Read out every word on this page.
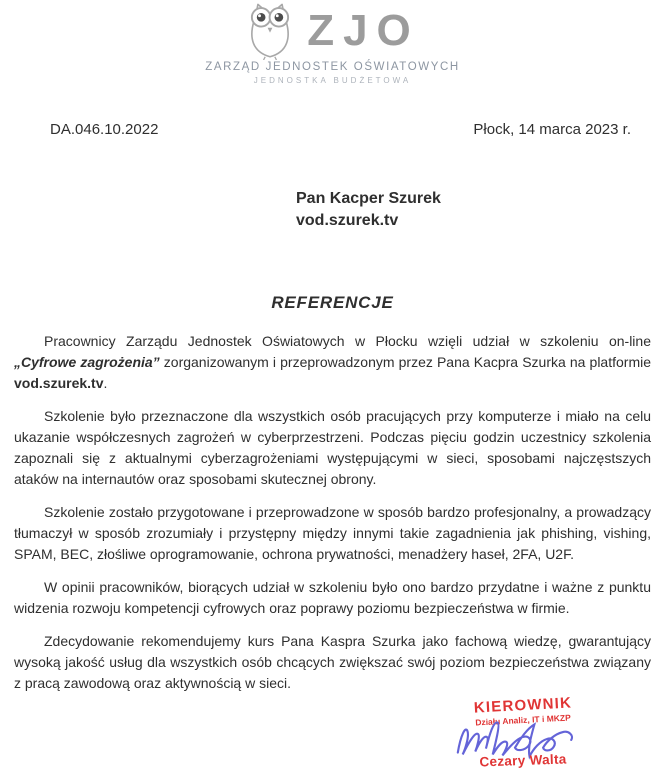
ZJO
ZARZĄD JEDNOSTEK OŚWIATOWYCH
JEDNOSTKA BUDŻETOWA
DA.046.10.2022	Płock, 14 marca 2023 r.
Pan Kacper Szurek
vod.szurek.tv
REFERENCJE

Pracownicy Zarządu Jednostek Oświatowych w Płocku wzięli udział w szkoleniu on-line „Cyfrowe zagrożenia” zorganizowanym i przeprowadzonym przez Pana Kacpra Szurka na platformie vod.szurek.tv.

Szkolenie było przeznaczone dla wszystkich osób pracujących przy komputerze i miało na celu ukazanie współczesnych zagrożeń w cyberprzestrzeni. Podczas pięciu godzin uczestnicy szkolenia zapoznali się z aktualnymi cyberzagrożeniami występującymi w sieci, sposobami najczęstszych ataków na internautów oraz sposobami skutecznej obrony.

Szkolenie zostało przygotowane i przeprowadzone w sposób bardzo profesjonalny, a prowadzący tłumaczył w sposób zrozumiały i przystępny między innymi takie zagadnienia jak phishing, vishing, SPAM, BEC, złośliwe oprogramowanie, ochrona prywatności, menadżery haseł, 2FA, U2F.

W opinii pracowników, biorących udział w szkoleniu było ono bardzo przydatne i ważne z punktu widzenia rozwoju kompetencji cyfrowych oraz poprawy poziomu bezpieczeństwa w firmie.

Zdecydowanie rekomendujemy kurs Pana Kaspra Szurka jako fachową wiedzę, gwarantujący wysoką jakość usług dla wszystkich osób chcących zwiększać swój poziom bezpieczeństwa związany z pracą zawodową oraz aktywnością w sieci.

KIEROWNIK
Działu Analiz, IT i MKZP
Cezary Walta
